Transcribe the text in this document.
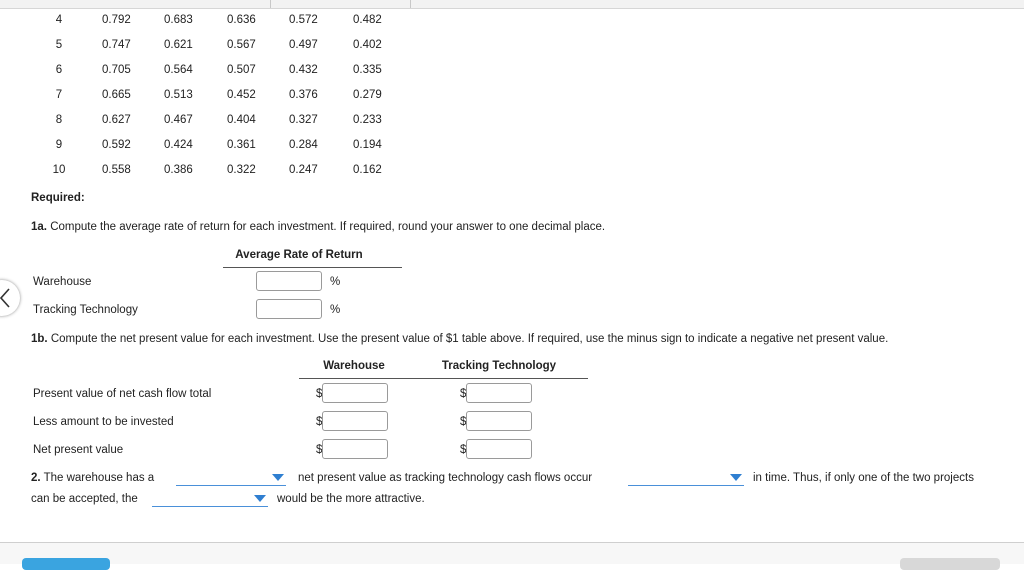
4	0.792	0.683	0.636	0.572	0.482
5	0.747	0.621	0.567	0.497	0.402
6	0.705	0.564	0.507	0.432	0.335
7	0.665	0.513	0.452	0.376	0.279
8	0.627	0.467	0.404	0.327	0.233
9	0.592	0.424	0.361	0.284	0.194
10	0.558	0.386	0.322	0.247	0.162
Required:
1a. Compute the average rate of return for each investment. If required, round your answer to one decimal place.
Average Rate of Return
Warehouse	%
Tracking Technology	%
1b. Compute the net present value for each investment. Use the present value of $1 table above. If required, use the minus sign to indicate a negative net present value.
Warehouse	Tracking Technology
Present value of net cash flow total	$	$
Less amount to be invested	$	$
Net present value	$	$
2. The warehouse has a	net present value as tracking technology cash flows occur	in time. Thus, if only one of the two projects
can be accepted, the	would be the more attractive.
